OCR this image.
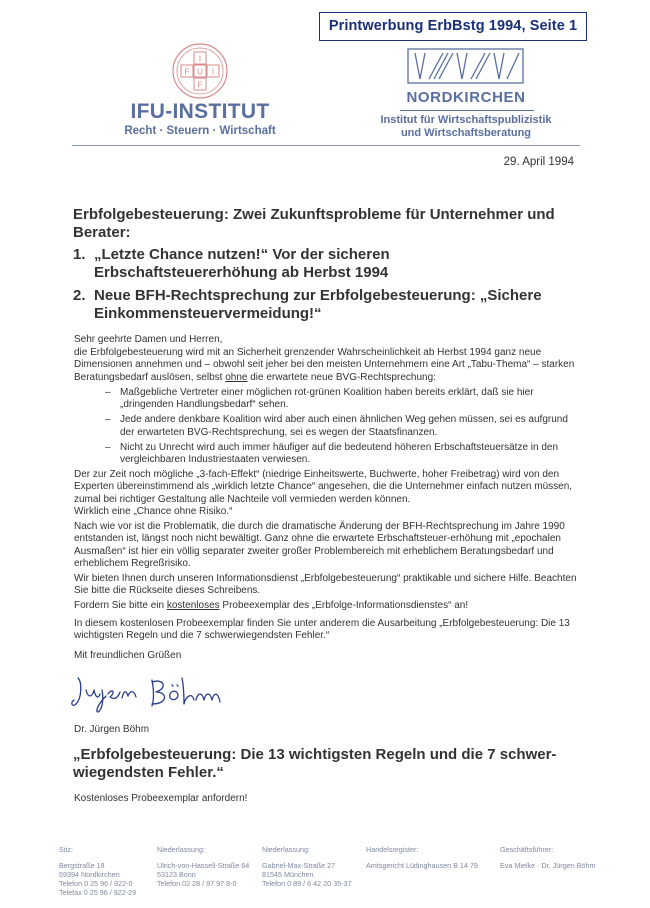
Printwerbung ErbBstg 1994, Seite 1
I
F U I
F
U
IFU-INSTITUT
Recht · Steuern · Wirtschaft
NORDKIRCHEN
Institut für Wirtschaftspublizistik
und Wirtschaftsberatung
29. April 1994
Erbfolgebesteuerung: Zwei Zukunftsprobleme für Unternehmer und Berater:
1. „Letzte Chance nutzen!“ Vor der sicheren Erbschaftsteuererhöhung ab Herbst 1994
2. Neue BFH-Rechtsprechung zur Erbfolgebesteuerung: „Sichere Einkommensteuervermeidung!“
Sehr geehrte Damen und Herren,
die Erbfolgebesteuerung wird mit an Sicherheit grenzender Wahrscheinlichkeit ab Herbst 1994 ganz neue Dimensionen annehmen und – obwohl seit jeher bei den meisten Unternehmern eine Art „Tabu-Thema“ – starken Beratungsbedarf auslösen, selbst ohne die erwartete neue BVG-Rechtsprechung:
– Maßgebliche Vertreter einer möglichen rot-grünen Koalition haben bereits erklärt, daß sie hier „dringenden Handlungsbedarf“ sehen.
– Jede andere denkbare Koalition wird aber auch einen ähnlichen Weg gehen müssen, sei es aufgrund der erwarteten BVG-Rechtsprechung, sei es wegen der Staatsfinanzen.
– Nicht zu Unrecht wird auch immer häufiger auf die bedeutend höheren Erbschaftsteuersätze in den vergleichbaren Industriestaaten verwiesen.
Der zur Zeit noch mögliche „3-fach-Effekt“ (niedrige Einheitswerte, Buchwerte, hoher Freibetrag) wird von den Experten übereinstimmend als „wirklich letzte Chance“ angesehen, die die Unternehmer einfach nutzen müssen, zumal bei richtiger Gestaltung alle Nachteile voll vermieden werden können.
Wirklich eine „Chance ohne Risiko.“
Nach wie vor ist die Problematik, die durch die dramatische Änderung der BFH-Rechtsprechung im Jahre 1990 entstanden ist, längst noch nicht bewältigt. Ganz ohne die erwartete Erbschaftsteuer-erhöhung mit „epochalen Ausmaßen“ ist hier ein völlig separater zweiter großer Problembereich mit erheblichem Beratungsbedarf und erheblichem Regreßrisiko.
Wir bieten Ihnen durch unseren Informationsdienst „Erbfolgebesteuerung“ praktikable und sichere Hilfe. Beachten Sie bitte die Rückseite dieses Schreibens.
Fordern Sie bitte ein kostenloses Probeexemplar des „Erbfolge-Informationsdienstes“ an!
In diesem kostenlosen Probeexemplar finden Sie unter anderem die Ausarbeitung „Erbfolgebesteuerung: Die 13 wichtigsten Regeln und die 7 schwerwiegendsten Fehler.“
Mit freundlichen Grüßen
Dr. Jürgen Böhm
„Erbfolgebesteuerung: Die 13 wichtigsten Regeln und die 7 schwer-wiegendsten Fehler.“
Kostenloses Probeexemplar anfordern!
Sitz:
Bergstraße 18
59394 Nordkirchen
Telefon 0 25 96 / 922-0
Telefax 0 25 96 / 922-29
Niederlassung:
Ulrich-von-Hassell-Straße 64
53123 Bonn
Telefon 02 28 / 97 97 8-0
Niederlassung:
Gabriel-Max-Straße 27
81545 München
Telefon 0 89 / 6 42 20 35-37
Handelsregister:
Amtsgericht Lüdinghausen B 14 79
Geschäftsführer:
Eva Mielke · Dr. Jürgen Böhm
